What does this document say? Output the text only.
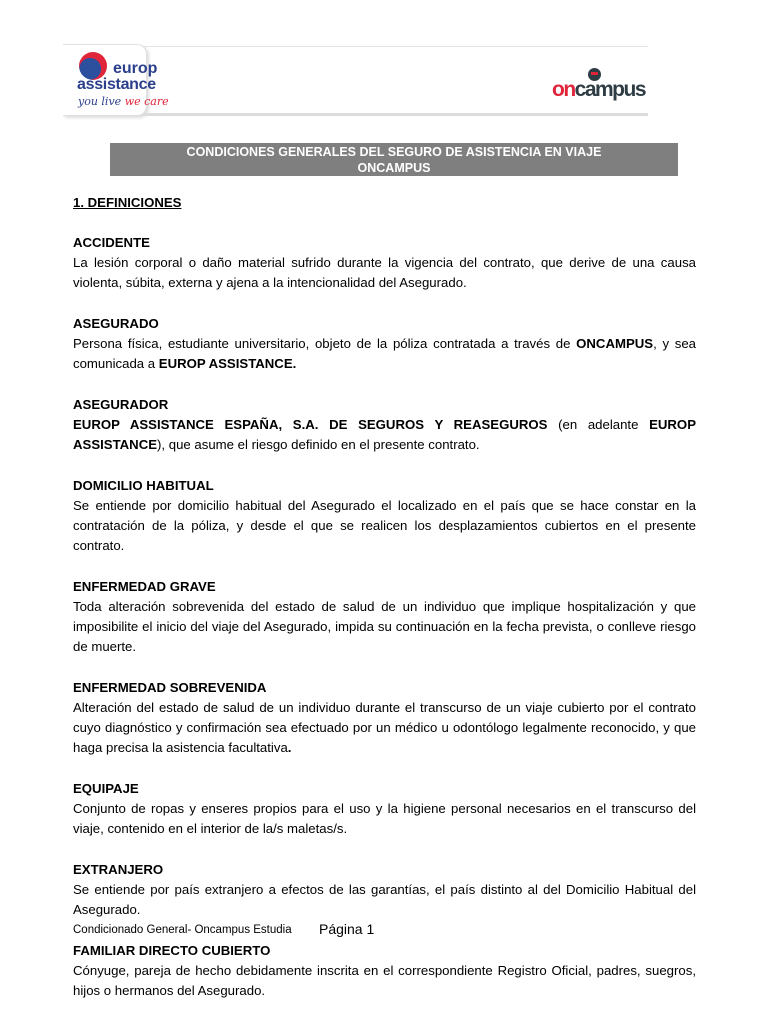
europ
assistance
you live we care
oncampus
CONDICIONES GENERALES DEL SEGURO DE ASISTENCIA EN VIAJE
ONCAMPUS
1. DEFINICIONES
ACCIDENTE

La lesión corporal o daño material sufrido durante la vigencia del contrato, que derive de una causa violenta, súbita, externa y ajena a la intencionalidad del Asegurado.

ASEGURADO

Persona física, estudiante universitario, objeto de la póliza contratada a través de ONCAMPUS, y sea comunicada a EUROP ASSISTANCE.

ASEGURADOR

EUROP ASSISTANCE ESPAÑA, S.A. DE SEGUROS Y REASEGUROS (en adelante EUROP ASSISTANCE), que asume el riesgo definido en el presente contrato.

DOMICILIO HABITUAL

Se entiende por domicilio habitual del Asegurado el localizado en el país que se hace constar en la contratación de la póliza, y desde el que se realicen los desplazamientos cubiertos en el presente contrato.

ENFERMEDAD GRAVE

Toda alteración sobrevenida del estado de salud de un individuo que implique hospitalización y que imposibilite el inicio del viaje del Asegurado, impida su continuación en la fecha prevista, o conlleve riesgo de muerte.

ENFERMEDAD SOBREVENIDA

Alteración del estado de salud de un individuo durante el transcurso de un viaje cubierto por el contrato cuyo diagnóstico y confirmación sea efectuado por un médico u odontólogo legalmente reconocido, y que haga precisa la asistencia facultativa.

EQUIPAJE

Conjunto de ropas y enseres propios para el uso y la higiene personal necesarios en el transcurso del viaje, contenido en el interior de la/s maletas/s.

EXTRANJERO

Se entiende por país extranjero a efectos de las garantías, el país distinto al del Domicilio Habitual del Asegurado.

FAMILIAR DIRECTO CUBIERTO

Cónyuge, pareja de hecho debidamente inscrita en el correspondiente Registro Oficial, padres, suegros, hijos o hermanos del Asegurado.

Condicionado General- Oncampus Estudia Página 1
